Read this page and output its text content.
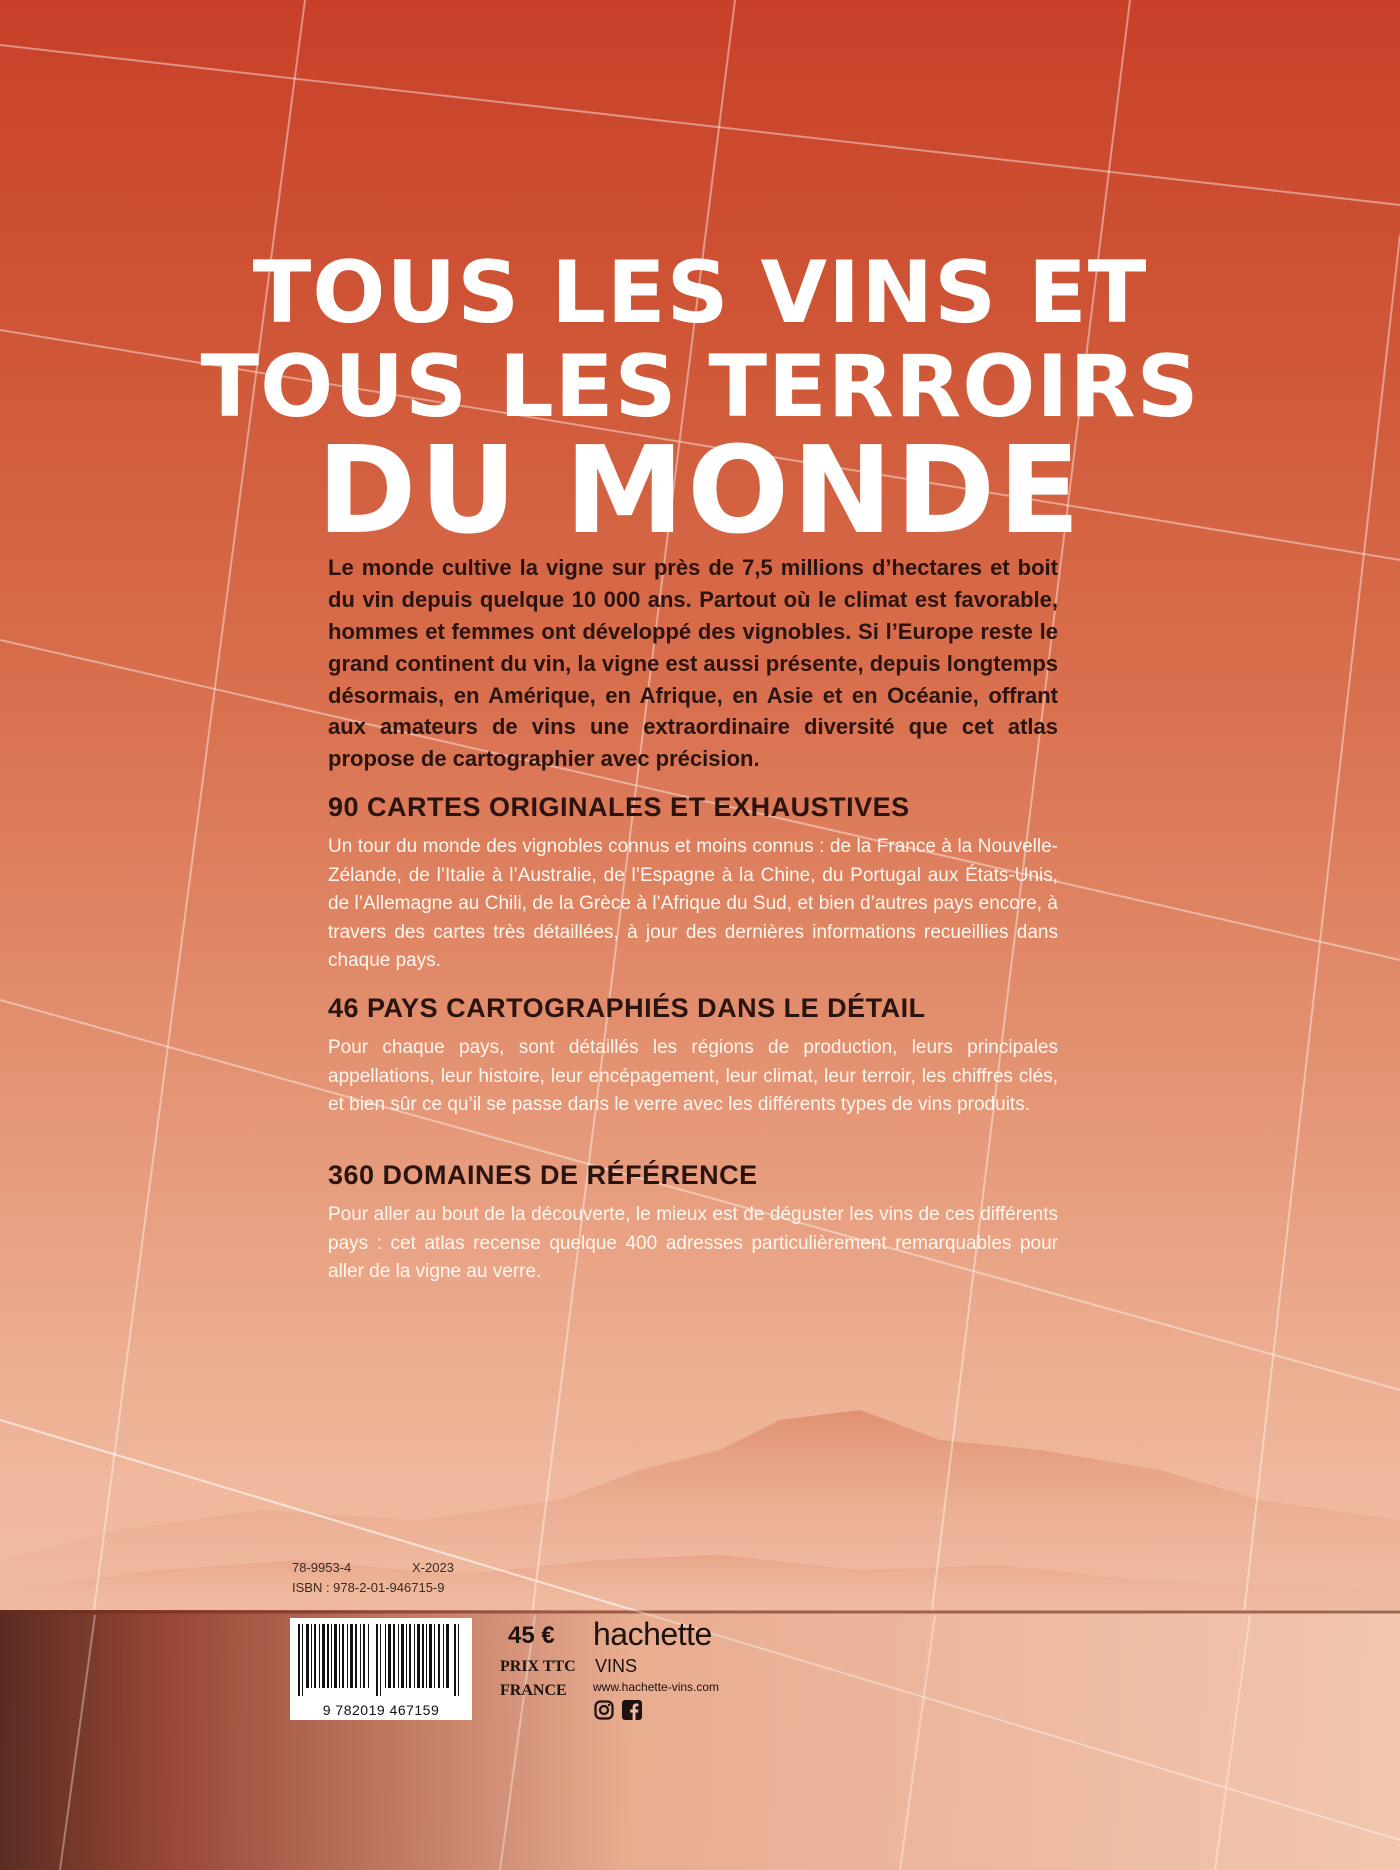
TOUS LES VINS ET
TOUS LES TERROIRS
DU MONDE
Le monde cultive la vigne sur près de 7,5 millions d’hectares et boit du vin depuis quelque 10 000 ans. Partout où le climat est favorable, hommes et femmes ont développé des vignobles. Si l’Europe reste le grand continent du vin, la vigne est aussi présente, depuis longtemps désormais, en Amérique, en Afrique, en Asie et en Océanie, offrant aux amateurs de vins une extraordinaire diversité que cet atlas propose de cartographier avec précision.
90 CARTES ORIGINALES ET EXHAUSTIVES
Un tour du monde des vignobles connus et moins connus : de la France à la Nouvelle-Zélande, de l’Italie à l’Australie, de l’Espagne à la Chine, du Portugal aux États-Unis, de l’Allemagne au Chili, de la Grèce à l’Afrique du Sud, et bien d’autres pays encore, à travers des cartes très détaillées, à jour des dernières informations recueillies dans chaque pays.
46 PAYS CARTOGRAPHIÉS DANS LE DÉTAIL
Pour chaque pays, sont détaillés les régions de production, leurs principales appellations, leur histoire, leur encépagement, leur climat, leur terroir, les chiffres clés, et bien sûr ce qu’il se passe dans le verre avec les différents types de vins produits.
360 DOMAINES DE RÉFÉRENCE
Pour aller au bout de la découverte, le mieux est de déguster les vins de ces différents pays : cet atlas recense quelque 400 adresses particulièrement remarquables pour aller de la vigne au verre.
78-9953-4	X-2023
ISBN : 978-2-01-946715-9
9 782019 467159
45 €
PRIX TTC
FRANCE
hachette
VINS
www.hachette-vins.com
